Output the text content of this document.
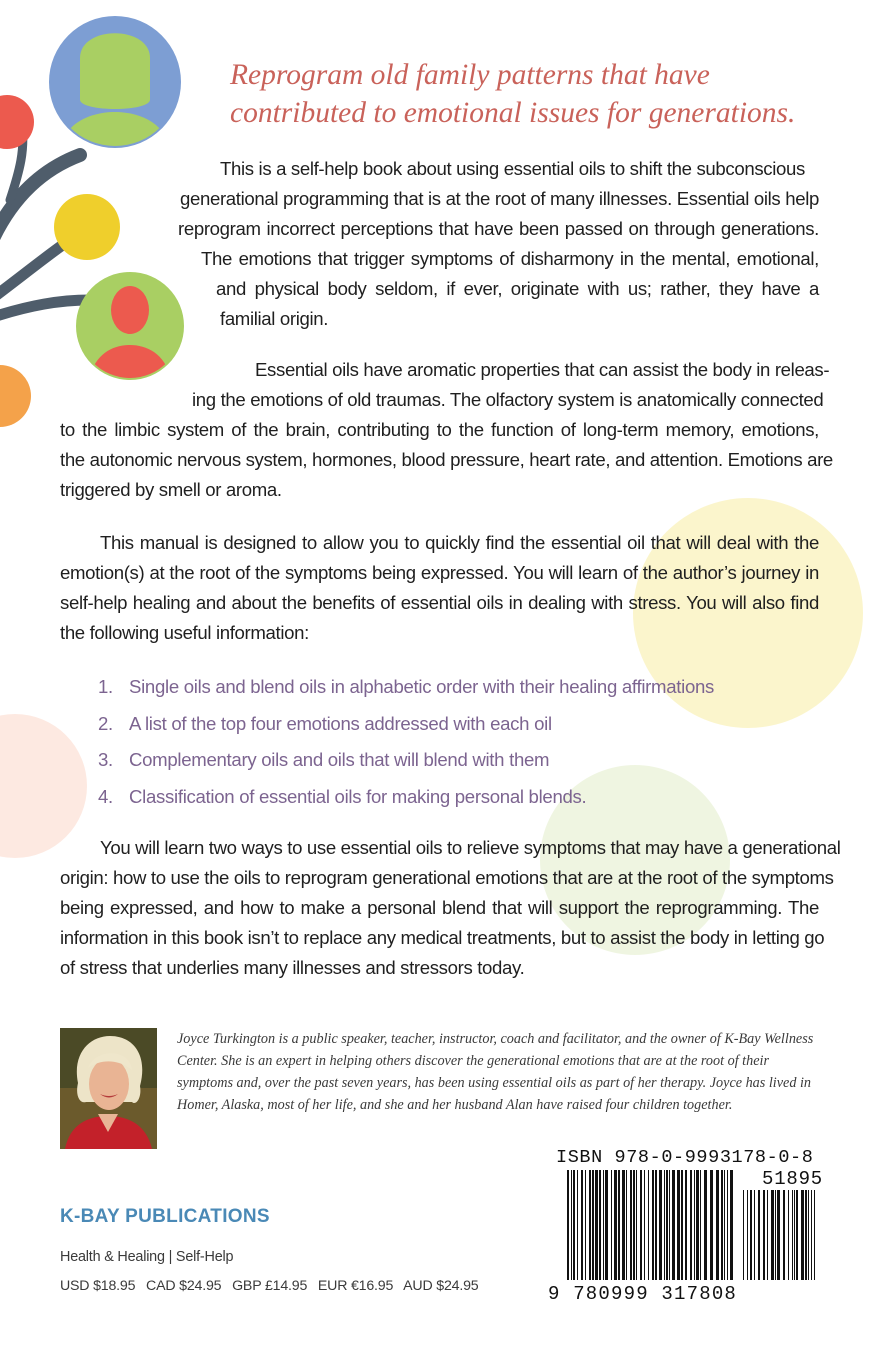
Reprogram old family patterns that have
contributed to emotional issues for generations.
This is a self-help book about using essential oils to shift the subconscious
generational programming that is at the root of many illnesses. Essential oils help
reprogram incorrect perceptions that have been passed on through generations.
The emotions that trigger symptoms of disharmony in the mental, emotional,
and physical body seldom, if ever, originate with us; rather, they have a
familial origin.
Essential oils have aromatic properties that can assist the body in releas-
ing the emotions of old traumas. The olfactory system is anatomically connected
to the limbic system of the brain, contributing to the function of long-term memory, emotions,
the autonomic nervous system, hormones, blood pressure, heart rate, and attention. Emotions are
triggered by smell or aroma.
This manual is designed to allow you to quickly find the essential oil that will deal with the
emotion(s) at the root of the symptoms being expressed. You will learn of the author’s journey in
self-help healing and about the benefits of essential oils in dealing with stress. You will also find
the following useful information:
1. Single oils and blend oils in alphabetic order with their healing affirmations
2. A list of the top four emotions addressed with each oil
3. Complementary oils and oils that will blend with them
4. Classification of essential oils for making personal blends.
You will learn two ways to use essential oils to relieve symptoms that may have a generational
origin: how to use the oils to reprogram generational emotions that are at the root of the symptoms
being expressed, and how to make a personal blend that will support the reprogramming. The
information in this book isn’t to replace any medical treatments, but to assist the body in letting go
of stress that underlies many illnesses and stressors today.

Joyce Turkington is a public speaker, teacher, instructor, coach and facilitator, and the owner of K-Bay Wellness Center. She is an expert in helping others discover the generational emotions that are at the root of their symptoms and, over the past seven years, has been using essential oils as part of her therapy. Joyce has lived in Homer, Alaska, most of her life, and she and her husband Alan have raised four children together.

K-BAY PUBLICATIONS
Health & Healing | Self-Help
USD $18.95 CAD $24.95 GBP £14.95 EUR €16.95 AUD $24.95
ISBN 978-0-9993178-0-8
51895
9 780999 317808
